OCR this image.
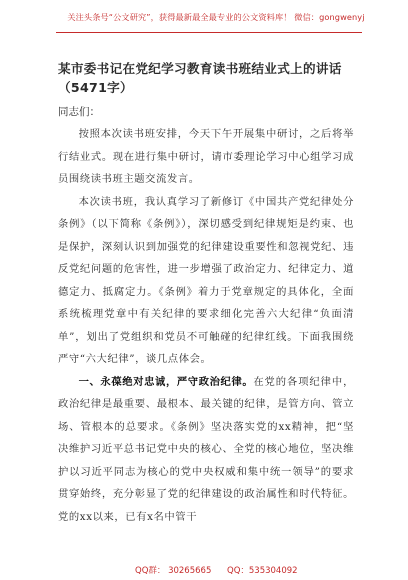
关注头条号“公文研究”，获得最新最全最专业的公文资料库！ 微信：gongwenyj
某市委书记在党纪学习教育读书班结业式上的讲话（5471字）

同志们：

按照本次读书班安排，今天下午开展集中研讨，之后将举行结业式。现在进行集中研讨，请市委理论学习中心组学习成员围绕读书班主题交流发言。

本次读书班，我认真学习了新修订《中国共产党纪律处分条例》（以下简称《条例》），深切感受到纪律规矩是约束、也是保护，深刻认识到加强党的纪律建设重要性和忽视党纪、违反党纪问题的危害性，进一步增强了政治定力、纪律定力、道德定力、抵腐定力。《条例》着力于党章规定的具体化，全面系统梳理党章中有关纪律的要求细化完善六大纪律“负面清单”，划出了党组织和党员不可触碰的纪律红线。下面我围绕严守“六大纪律”，谈几点体会。

一、永葆绝对忠诚，严守政治纪律。在党的各项纪律中，政治纪律是最重要、最根本、最关键的纪律，是管方向、管立场、管根本的总要求。《条例》坚决落实党的xx精神，把“坚决维护习近平总书记党中央的核心、全党的核心地位，坚决维护以习近平同志为核心的党中央权威和集中统一领导”的要求贯穿始终，充分彰显了党的纪律建设的政治属性和时代特征。党的xx以来，已有x名中管干

QQ群： 30265665 QQ：535304092
